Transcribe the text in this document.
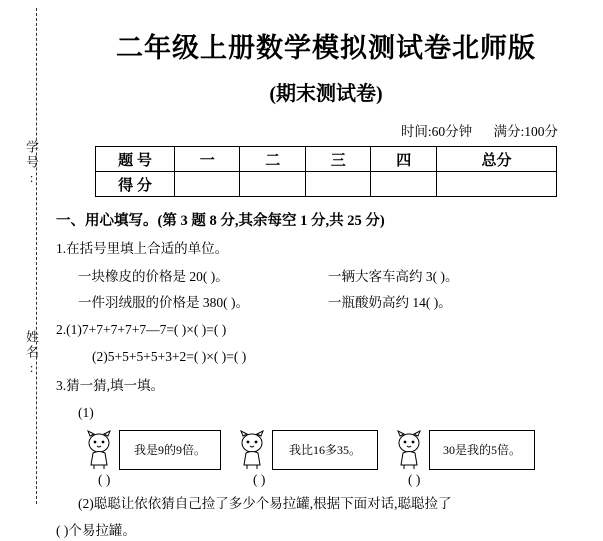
学号:
姓名:
二年级上册数学模拟测试卷北师版
(期末测试卷)
时间:60分钟 满分:100分
题 号	一	二	三	四	总分
得 分					
一、用心填写。(第 3 题 8 分,其余每空 1 分,共 25 分)
1.在括号里填上合适的单位。
一块橡皮的价格是 20( )。	一辆大客车高约 3( )。
一件羽绒服的价格是 380( )。	一瓶酸奶高约 14( )。
2.(1)7+7+7+7+7—7=( )×( )=( )
(2)5+5+5+5+3+2=( )×( )=( )
3.猜一猜,填一填。
(1)
我是9的9倍。	我比16多35。	30是我的5倍。
( )	( )	( )
(2)聪聪让依依猜自己捡了多少个易拉罐,根据下面对话,聪聪捡了
( )个易拉罐。
